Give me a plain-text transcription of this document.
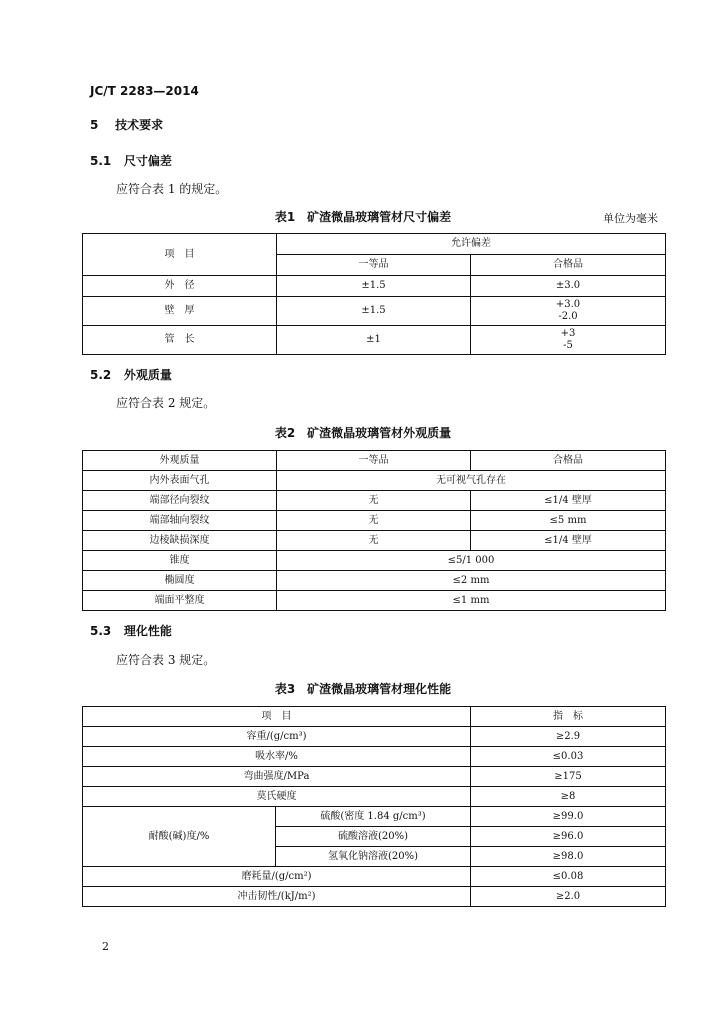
JC/T 2283—2014
5 技术要求
5.1 尺寸偏差
应符合表 1 的规定。
表1　矿渣微晶玻璃管材尺寸偏差	单位为毫米
项　目	允许偏差	
	一等品	合格品
外　径	±1.5	±3.0
壁　厚	±1.5	+3.0
-2.0

管　长	±1	+3
-5
5.2 外观质量
应符合表 2 规定。
表2　矿渣微晶玻璃管材外观质量
外观质量	一等品	合格品
内外表面气孔	无可视气孔存在	
端部径向裂纹	无	≤1/4 壁厚
端部轴向裂纹	无	≤5 mm
边棱缺损深度	无	≤1/4 壁厚
锥度	≤5/1 000	
椭圆度	≤2 mm	
端面平整度	≤1 mm	
5.3 理化性能
应符合表 3 规定。
表3　矿渣微晶玻璃管材理化性能
项　目		指　标
容重/(g/cm³)		≥2.9
吸水率/%		≤0.03
弯曲强度/MPa		≥175
莫氏硬度		≥8
耐酸(碱)度/%	硫酸(密度 1.84 g/cm³)	≥99.0
	硫酸溶液(20%)	≥96.0
	氢氧化钠溶液(20%)	≥98.0
磨耗量/(g/cm²)		≤0.08
冲击韧性/(kJ/m²)		≥2.0
2
